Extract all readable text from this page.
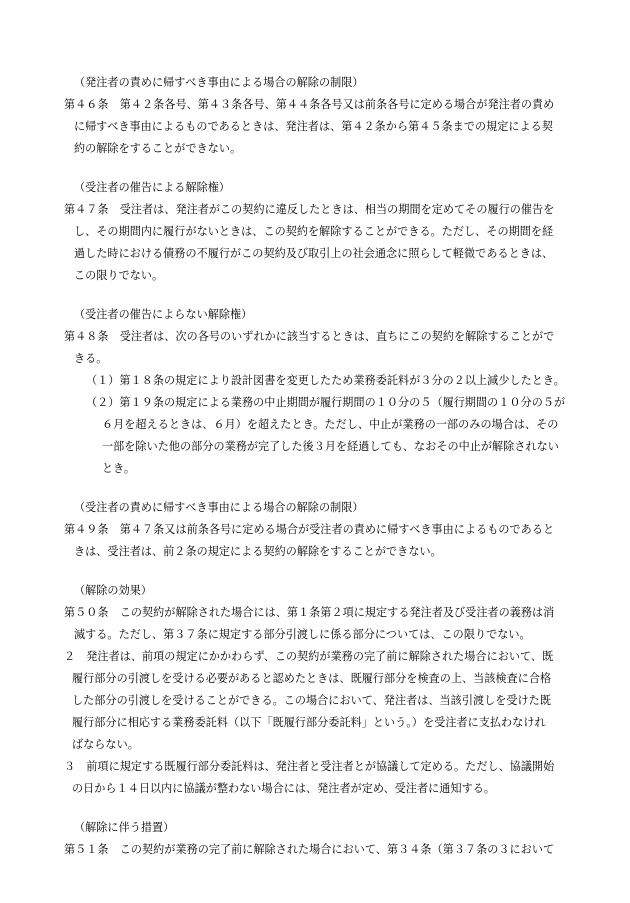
（発注者の責めに帰すべき事由による場合の解除の制限）
第４６条　第４２条各号、第４３条各号、第４４条各号又は前条各号に定める場合が発注者の責め
に帰すべき事由によるものであるときは、発注者は、第４２条から第４５条までの規定による契
約の解除をすることができない。
（受注者の催告による解除権）
第４７条　受注者は、発注者がこの契約に違反したときは、相当の期間を定めてその履行の催告を
し、その期間内に履行がないときは、この契約を解除することができる。ただし、その期間を経
過した時における債務の不履行がこの契約及び取引上の社会通念に照らして軽微であるときは、
この限りでない。
（受注者の催告によらない解除権）
第４８条　受注者は、次の各号のいずれかに該当するときは、直ちにこの契約を解除することがで
きる。
（１）第１８条の規定により設計図書を変更したため業務委託料が３分の２以上減少したとき。
（２）第１９条の規定による業務の中止期間が履行期間の１０分の５（履行期間の１０分の５が
６月を超えるときは、６月）を超えたとき。ただし、中止が業務の一部のみの場合は、その
一部を除いた他の部分の業務が完了した後３月を経過しても、なおその中止が解除されない
とき。
（受注者の責めに帰すべき事由による場合の解除の制限）
第４９条　第４７条又は前条各号に定める場合が受注者の責めに帰すべき事由によるものであると
きは、受注者は、前２条の規定による契約の解除をすることができない。
（解除の効果）
第５０条　この契約が解除された場合には、第１条第２項に規定する発注者及び受注者の義務は消
滅する。ただし、第３７条に規定する部分引渡しに係る部分については、この限りでない。
２　発注者は、前項の規定にかかわらず、この契約が業務の完了前に解除された場合において、既
履行部分の引渡しを受ける必要があると認めたときは、既履行部分を検査の上、当該検査に合格
した部分の引渡しを受けることができる。この場合において、発注者は、当該引渡しを受けた既
履行部分に相応する業務委託料（以下「既履行部分委託料」という。）を受注者に支払わなけれ
ばならない。
３　前項に規定する既履行部分委託料は、発注者と受注者とが協議して定める。ただし、協議開始
の日から１４日以内に協議が整わない場合には、発注者が定め、受注者に通知する。
（解除に伴う措置）
第５１条　この契約が業務の完了前に解除された場合において、第３４条（第３７条の３において
